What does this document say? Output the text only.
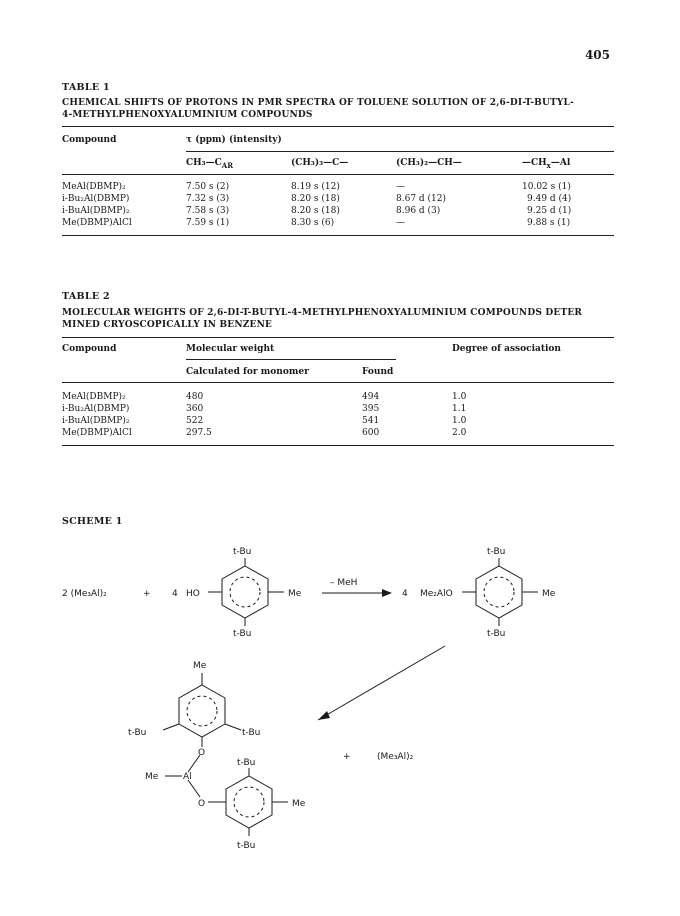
405
TABLE 1
CHEMICAL SHIFTS OF PROTONS IN PMR SPECTRA OF TOLUENE SOLUTION OF 2,6-DI-T-BUTYL-
4-METHYLPHENOXYALUMINIUM COMPOUNDS
Compound	τ (ppm) (intensity)
$CH_3—C_{AR}$	(CH₃)₃—C—	(CH₃)₂—CH—	$—CH_x—Al$
MeAl(DBMP)₂	7.50 s (2)	8.19 s (12)	—	10.02 s (1)
i-Bu₂Al(DBMP)	7.32 s (3)	8.20 s (18)	8.67 d (12)	9.49 d (4)
i-BuAl(DBMP)₂	7.58 s (3)	8.20 s (18)	8.96 d (3)	9.25 d (1)
Me(DBMP)AlCl	7.59 s (1)	8.30 s (6)	—	9.88 s (1)
TABLE 2
MOLECULAR WEIGHTS OF 2,6-DI-T-BUTYL-4-METHYLPHENOXYALUMINIUM COMPOUNDS DETER
MINED CRYOSCOPICALLY IN BENZENE
Compound	Molecular weight	Degree of association
Calculated for monomer	Found
MeAl(DBMP)₂	480	494	1.0
i-Bu₂Al(DBMP)	360	395	1.1
i-BuAl(DBMP)₂	522	541	1.0
Me(DBMP)AlCl	297.5	600	2.0
SCHEME 1
2 (Me₃Al)₂	+ 4 HO	Me
t-Bu
t-Bu
– MeH
4 Me₂AlO	Me
t-Bu
t-Bu
Me
t-Bu	t-Bu
O
Me	Al
O
t-Bu
Me
t-Bu
+	(Me₃Al)₂
